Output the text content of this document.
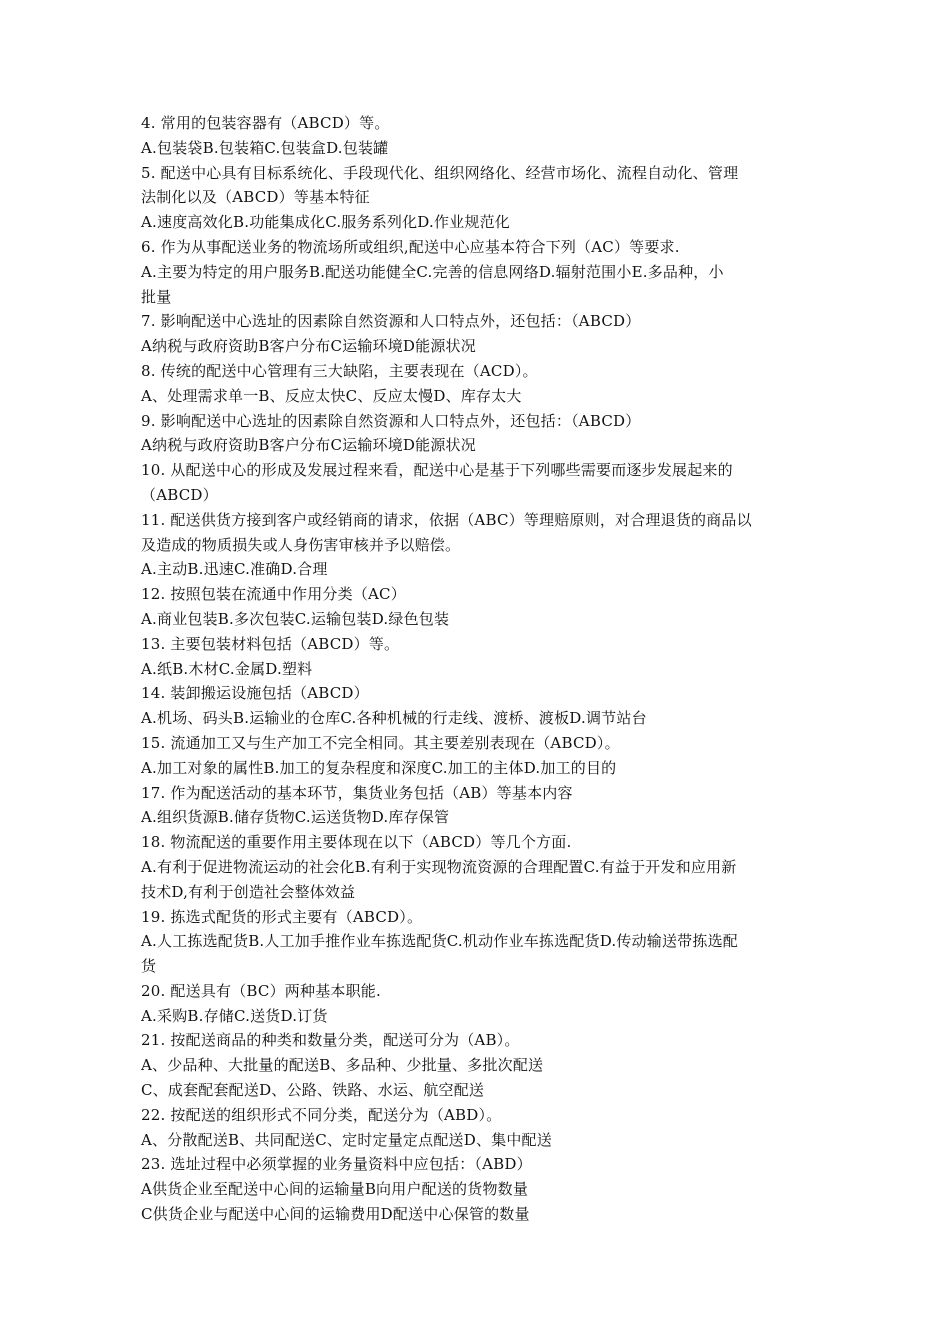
4. 常用的包装容器有（ABCD）等。
A.包装袋B.包装箱C.包装盒D.包装罐
5. 配送中心具有目标系统化、手段现代化、组织网络化、经营市场化、流程自动化、管理
法制化以及（ABCD）等基本特征
A.速度高效化B.功能集成化C.服务系列化D.作业规范化
6. 作为从事配送业务的物流场所或组织,配送中心应基本符合下列（AC）等要求.
A.主要为特定的用户服务B.配送功能健全C.完善的信息网络D.辐射范围小E.多品种，小
批量
7. 影响配送中心选址的因素除自然资源和人口特点外，还包括：（ABCD）
A纳税与政府资助B客户分布C运输环境D能源状况
8. 传统的配送中心管理有三大缺陷，主要表现在（ACD）。
A、处理需求单一B、反应太快C、反应太慢D、库存太大
9. 影响配送中心选址的因素除自然资源和人口特点外，还包括：（ABCD）
A纳税与政府资助B客户分布C运输环境D能源状况
10. 从配送中心的形成及发展过程来看，配送中心是基于下列哪些需要而逐步发展起来的
（ABCD）
11. 配送供货方接到客户或经销商的请求，依据（ABC）等理赔原则，对合理退货的商品以
及造成的物质损失或人身伤害审核并予以赔偿。
A.主动B.迅速C.准确D.合理
12. 按照包装在流通中作用分类（AC）
A.商业包装B.多次包装C.运输包装D.绿色包装
13. 主要包装材料包括（ABCD）等。
A.纸B.木材C.金属D.塑料
14. 装卸搬运设施包括（ABCD）
A.机场、码头B.运输业的仓库C.各种机械的行走线、渡桥、渡板D.调节站台
15. 流通加工又与生产加工不完全相同。其主要差别表现在（ABCD）。
A.加工对象的属性B.加工的复杂程度和深度C.加工的主体D.加工的目的
17. 作为配送活动的基本环节，集货业务包括（AB）等基本内容
A.组织货源B.储存货物C.运送货物D.库存保管
18. 物流配送的重要作用主要体现在以下（ABCD）等几个方面.
A.有利于促进物流运动的社会化B.有利于实现物流资源的合理配置C.有益于开发和应用新
技术D,有利于创造社会整体效益
19. 拣选式配货的形式主要有（ABCD）。
A.人工拣选配货B.人工加手推作业车拣选配货C.机动作业车拣选配货D.传动输送带拣选配
货
20. 配送具有（BC）两种基本职能.
A.采购B.存储C.送货D.订货
21. 按配送商品的种类和数量分类，配送可分为（AB）。
A、少品种、大批量的配送B、多品种、少批量、多批次配送
C、成套配套配送D、公路、铁路、水运、航空配送
22. 按配送的组织形式不同分类，配送分为（ABD）。
A、分散配送B、共同配送C、定时定量定点配送D、集中配送
23. 选址过程中必须掌握的业务量资料中应包括：（ABD）
A供货企业至配送中心间的运输量B向用户配送的货物数量
C供货企业与配送中心间的运输费用D配送中心保管的数量
